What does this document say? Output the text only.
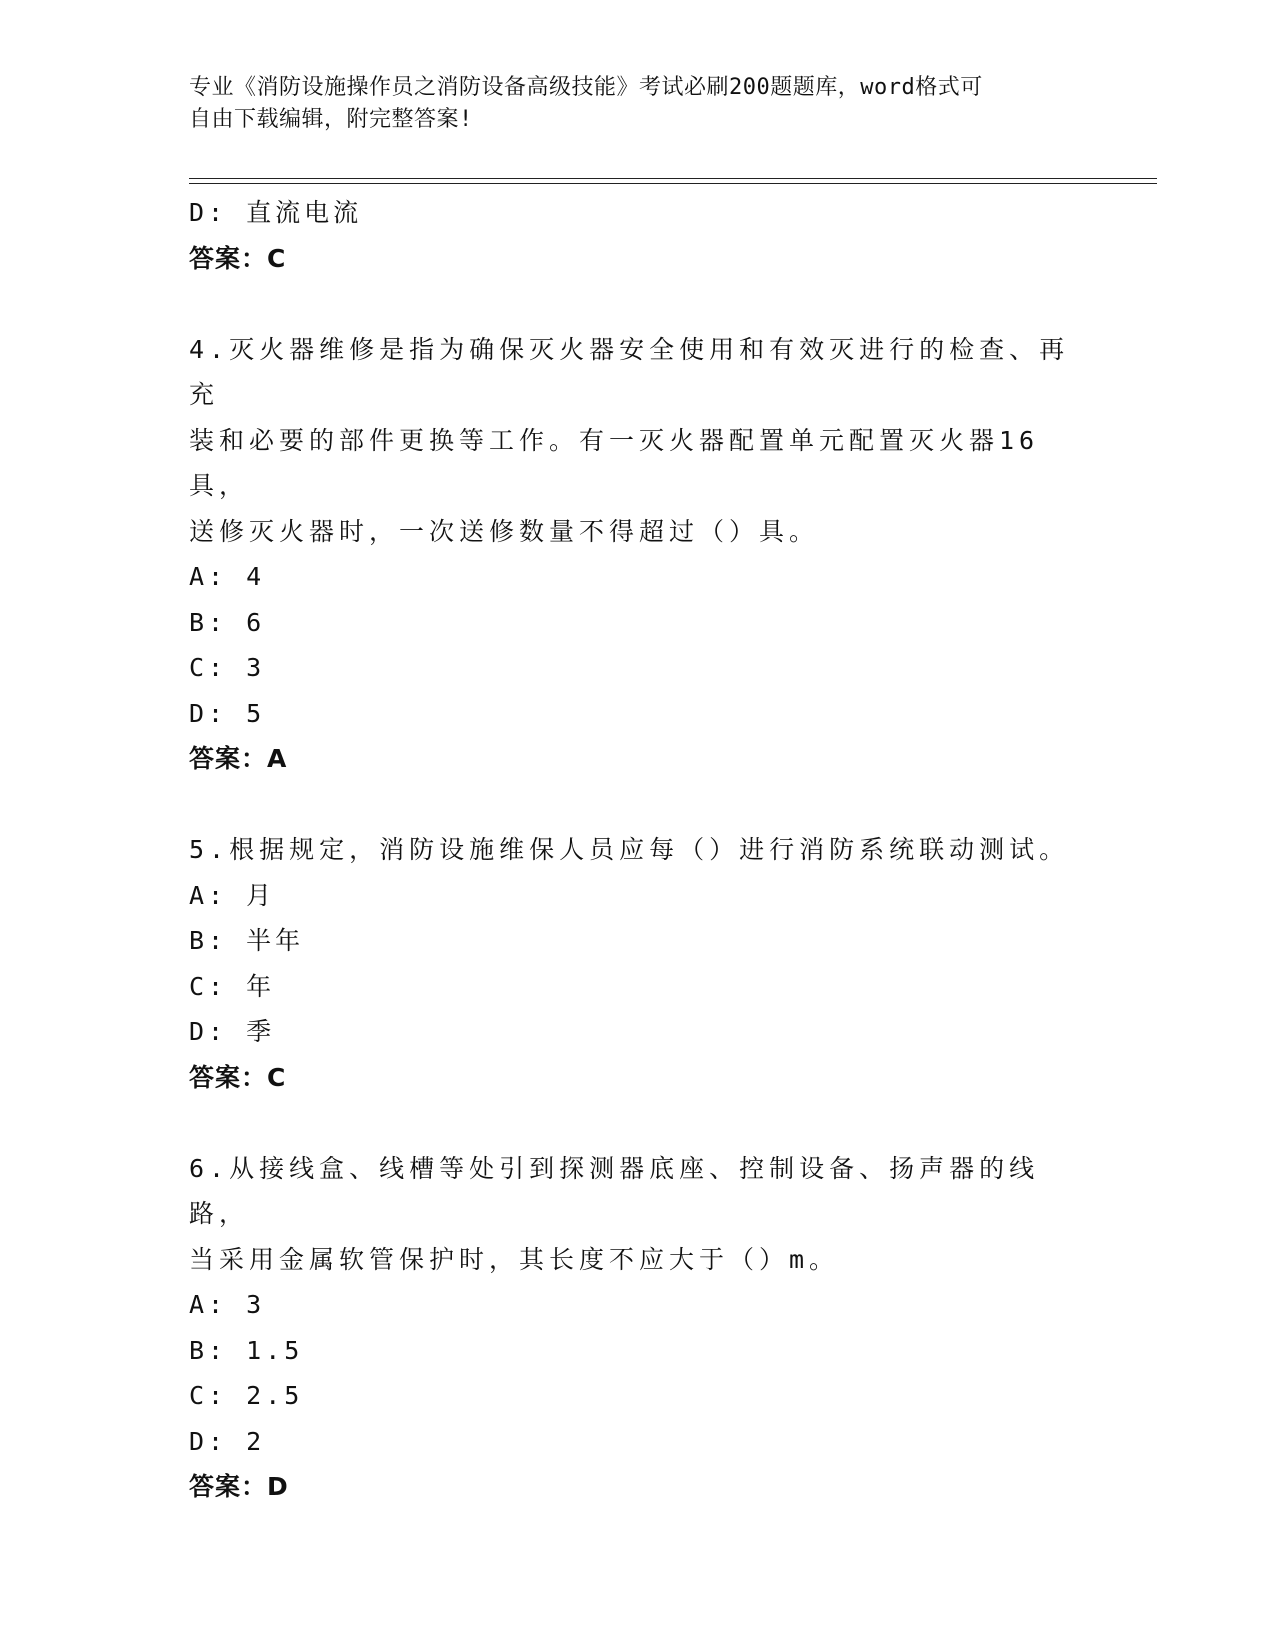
专业《消防设施操作员之消防设备高级技能》考试必刷200题题库，word格式可
自由下载编辑，附完整答案!
D: 直流电流
答案：C
4.灭火器维修是指为确保灭火器安全使用和有效灭进行的检查、再充
装和必要的部件更换等工作。有一灭火器配置单元配置灭火器16具，
送修灭火器时，一次送修数量不得超过（）具。
A: 4
B: 6
C: 3
D: 5
答案：A
5.根据规定，消防设施维保人员应每（）进行消防系统联动测试。
A: 月
B: 半年
C: 年
D: 季
答案：C
6.从接线盒、线槽等处引到探测器底座、控制设备、扬声器的线路，
当采用金属软管保护时，其长度不应大于（）m。
A: 3
B: 1.5
C: 2.5
D: 2
答案：D
